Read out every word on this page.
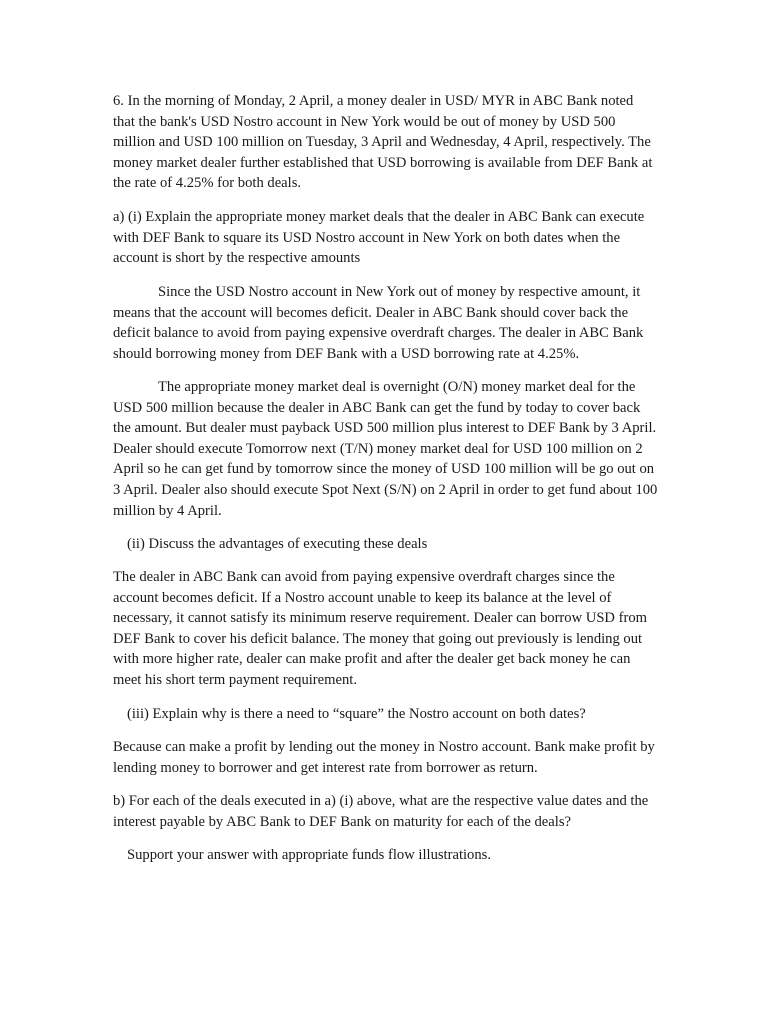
6. In the morning of Monday, 2 April, a money dealer in USD/ MYR in ABC Bank noted that the bank's USD Nostro account in New York would be out of money by USD 500 million and USD 100 million on Tuesday, 3 April and Wednesday, 4 April, respectively. The money market dealer further established that USD borrowing is available from DEF Bank at the rate of 4.25% for both deals.

a) (i) Explain the appropriate money market deals that the dealer in ABC Bank can execute with DEF Bank to square its USD Nostro account in New York on both dates when the account is short by the respective amounts

Since the USD Nostro account in New York out of money by respective amount, it means that the account will becomes deficit. Dealer in ABC Bank should cover back the deficit balance to avoid from paying expensive overdraft charges. The dealer in ABC Bank should borrowing money from DEF Bank with a USD borrowing rate at 4.25%.

The appropriate money market deal is overnight (O/N) money market deal for the USD 500 million because the dealer in ABC Bank can get the fund by today to cover back the amount. But dealer must payback USD 500 million plus interest to DEF Bank by 3 April. Dealer should execute Tomorrow next (T/N) money market deal for USD 100 million on 2 April so he can get fund by tomorrow since the money of USD 100 million will be go out on 3 April. Dealer also should execute Spot Next (S/N) on 2 April in order to get fund about 100 million by 4 April.

(ii) Discuss the advantages of executing these deals

The dealer in ABC Bank can avoid from paying expensive overdraft charges since the account becomes deficit. If a Nostro account unable to keep its balance at the level of necessary, it cannot satisfy its minimum reserve requirement. Dealer can borrow USD from DEF Bank to cover his deficit balance. The money that going out previously is lending out with more higher rate, dealer can make profit and after the dealer get back money he can meet his short term payment requirement.

(iii) Explain why is there a need to “square” the Nostro account on both dates?

Because can make a profit by lending out the money in Nostro account. Bank make profit by lending money to borrower and get interest rate from borrower as return.

b) For each of the deals executed in a) (i) above, what are the respective value dates and the interest payable by ABC Bank to DEF Bank on maturity for each of the deals?

Support your answer with appropriate funds flow illustrations.
